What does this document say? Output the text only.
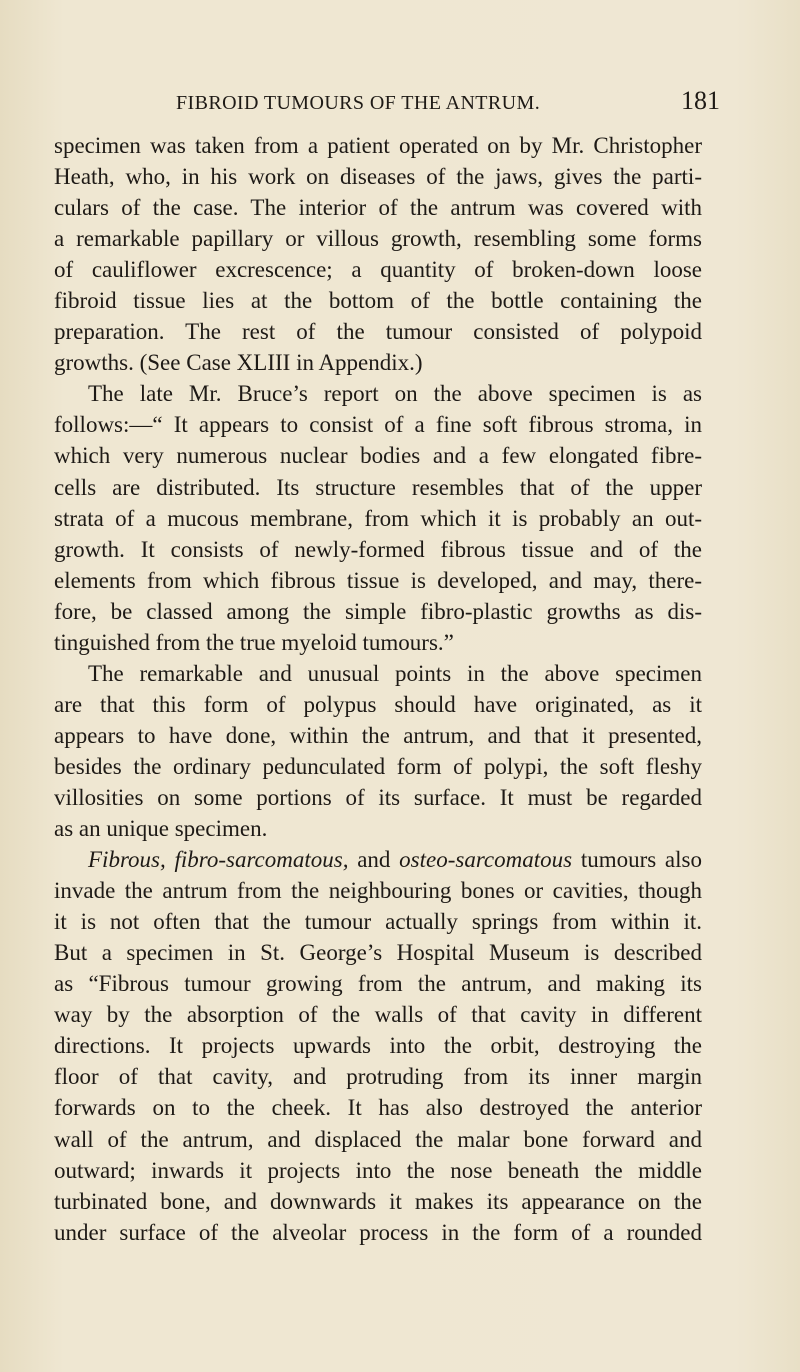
FIBROID TUMOURS OF THE ANTRUM.	181
specimen was taken from a patient operated on by Mr. Christopher
Heath, who, in his work on diseases of the jaws, gives the parti-
culars of the case. The interior of the antrum was covered with
a remarkable papillary or villous growth, resembling some forms
of cauliflower excrescence; a quantity of broken-down loose
fibroid tissue lies at the bottom of the bottle containing the
preparation. The rest of the tumour consisted of polypoid
growths. (See Case XLIII in Appendix.)
The late Mr. Bruce’s report on the above specimen is as
follows:—“ It appears to consist of a fine soft fibrous stroma, in
which very numerous nuclear bodies and a few elongated fibre-
cells are distributed. Its structure resembles that of the upper
strata of a mucous membrane, from which it is probably an out-
growth. It consists of newly-formed fibrous tissue and of the
elements from which fibrous tissue is developed, and may, there-
fore, be classed among the simple fibro-plastic growths as dis-
tinguished from the true myeloid tumours.”
The remarkable and unusual points in the above specimen
are that this form of polypus should have originated, as it
appears to have done, within the antrum, and that it presented,
besides the ordinary pedunculated form of polypi, the soft fleshy
villosities on some portions of its surface. It must be regarded
as an unique specimen.
Fibrous, fibro-sarcomatous, and osteo-sarcomatous tumours also
invade the antrum from the neighbouring bones or cavities, though
it is not often that the tumour actually springs from within it.
But a specimen in St. George’s Hospital Museum is described
as “Fibrous tumour growing from the antrum, and making its
way by the absorption of the walls of that cavity in different
directions. It projects upwards into the orbit, destroying the
floor of that cavity, and protruding from its inner margin
forwards on to the cheek. It has also destroyed the anterior
wall of the antrum, and displaced the malar bone forward and
outward; inwards it projects into the nose beneath the middle
turbinated bone, and downwards it makes its appearance on the
under surface of the alveolar process in the form of a rounded
